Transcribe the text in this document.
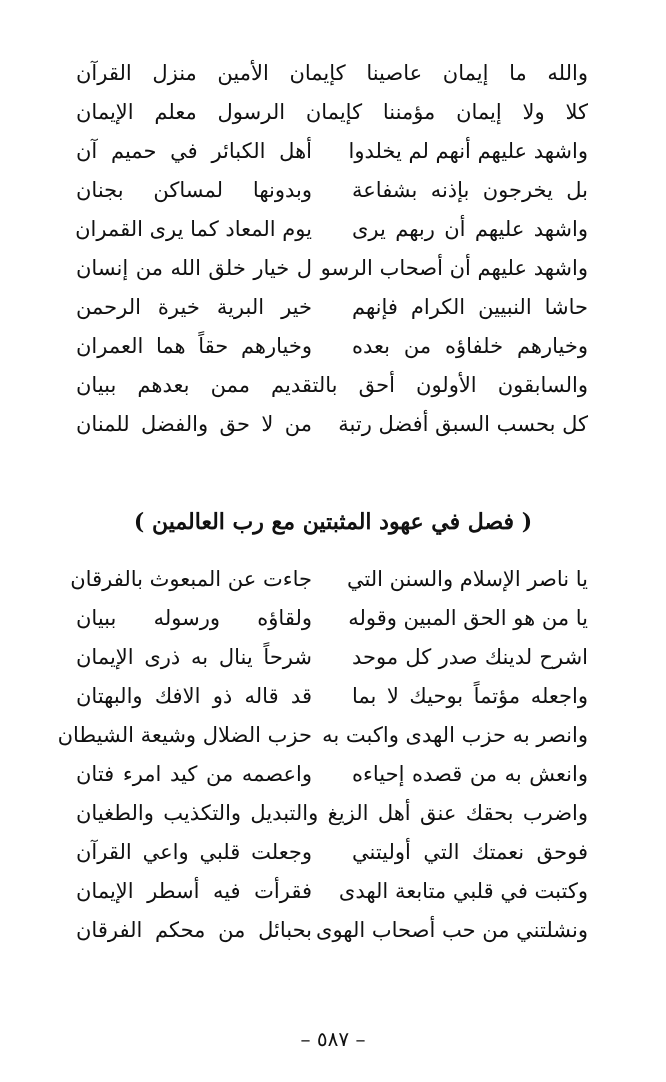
والله ما إيمان عاصينا كإيمان الأمين منزل القرآن
كلا ولا إيمان مؤمننا كإيمان الرسول معلم الإيمان
واشهد عليهم أنهم لم يخلدوا
أهل الكبائر في حميم آن
بل يخرجون بإذنه بشفاعة
وبدونها لمساكن بجنان
واشهد عليهم أن ربهم يرى
يوم المعاد كما يرى القمران
واشهد عليهم أن أصحاب الرسو
ل خيار خلق الله من إنسان
حاشا النبيين الكرام فإنهم
خير البرية خيرة الرحمن
وخيارهم خلفاؤه من بعده
وخيارهم حقاً هما العمران
والسابقون الأولون أحق بالتقديم ممن بعدهم ببيان
كل بحسب السبق أفضل رتبة
من لا حق والفضل للمنان
( فصل في عهود المثبتين مع رب العالمين )
يا ناصر الإسلام والسنن التي
جاءت عن المبعوث بالفرقان
يا من هو الحق المبين وقوله
ولقاؤه ورسوله ببيان
اشرح لدينك صدر كل موحد
شرحاً ينال به ذرى الإيمان
واجعله مؤتماً بوحيك لا بما
قد قاله ذو الافك والبهتان
وانصر به حزب الهدى واكبت به
حزب الضلال وشيعة الشيطان
وانعش به من قصده إحياءه
واعصمه من كيد امرء فتان
واضرب بحقك عنق أهل الزيغ والتبديل والتكذيب والطغيان
فوحق نعمتك التي أوليتني
وجعلت قلبي واعي القرآن
وكتبت في قلبي متابعة الهدى
فقرأت فيه أسطر الإيمان
ونشلتني من حب أصحاب الهوى
بحبائل من محكم الفرقان
– ٥٨٧ –
